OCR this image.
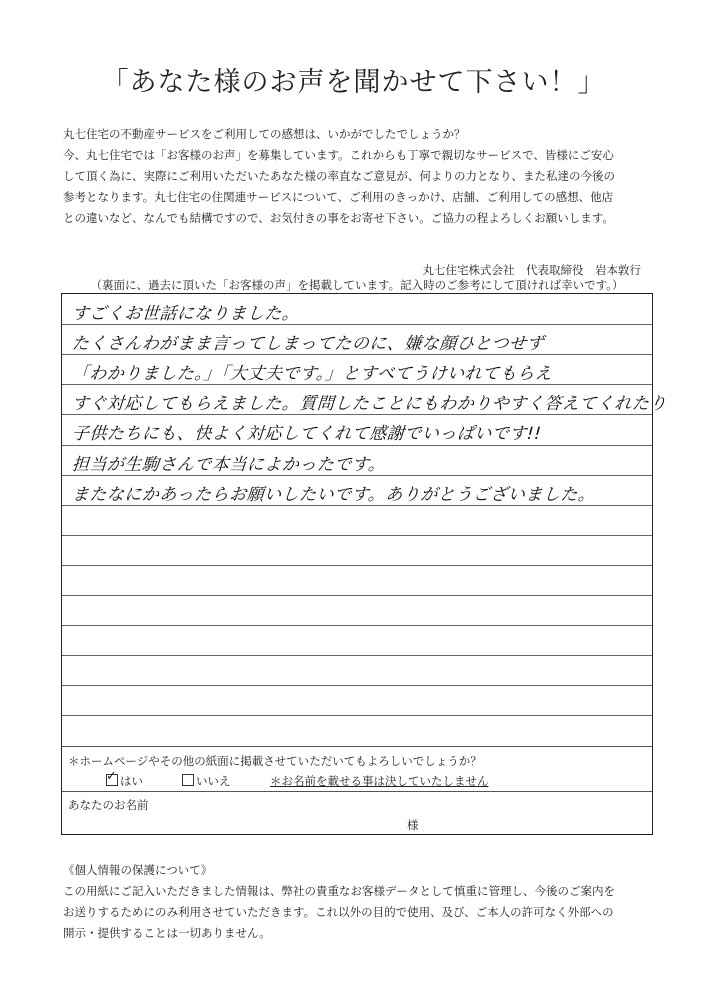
「あなた様のお声を聞かせて下さい！」
丸七住宅の不動産サービスをご利用しての感想は、いかがでしたでしょうか？
今、丸七住宅では「お客様のお声」を募集しています。これからも丁寧で親切なサービスで、皆様にご安心
して頂く為に、実際にご利用いただいたあなた様の率直なご意見が、何よりの力となり、また私達の今後の
参考となります。丸七住宅の住関連サービスについて、ご利用のきっかけ、店舗、ご利用しての感想、他店
との違いなど、なんでも結構ですので、お気付きの事をお寄せ下さい。ご協力の程よろしくお願いします。
丸七住宅株式会社　代表取締役　岩本敦行
（裏面に、過去に頂いた「お客様の声」を掲載しています。記入時のご参考にして頂ければ幸いです。）
すごくお世話になりました。
たくさんわがまま言ってしまってたのに、嫌な顔ひとつせず
「わかりました。」「大丈夫です。」とすべてうけいれてもらえ
すぐ対応してもらえました。質問したことにもわかりやすく答えてくれたり
子供たちにも、快よく対応してくれて感謝でいっぱいです!!
担当が生駒さんで本当によかったです。
またなにかあったらお願いしたいです。ありがとうございました。
＊ホームページやその他の紙面に掲載させていただいてもよろしいでしょうか？
✓はい	いいえ	＊お名前を載せる事は決していたしません
あなたのお名前
様
《個人情報の保護について》
この用紙にご記入いただきました情報は、弊社の貴重なお客様データとして慎重に管理し、今後のご案内を
お送りするためにのみ利用させていただきます。これ以外の目的で使用、及び、ご本人の許可なく外部への
開示・提供することは一切ありません。
